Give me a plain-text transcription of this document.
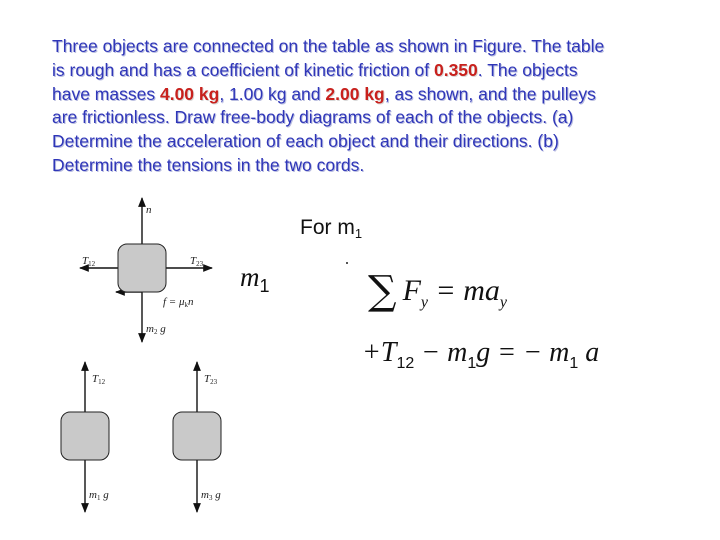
Three objects are connected on the table as shown in Figure. The table
is rough and has a coefficient of kinetic friction of 0.350. The objects
have masses 4.00 kg, 1.00 kg and 2.00 kg, as shown, and the pulleys
are frictionless. Draw free-body diagrams of each of the objects. (a)
Determine the acceleration of each object and their directions. (b)
Determine the tensions in the two cords.

n
T12	T23
f = μkn
m2 g
T12
m1 g
T23
m3 g
For $m_1$
$m_1$ ∑ $F_y = ma_y$
$+T_{12} - m_1g$ = − $m_1$ a
